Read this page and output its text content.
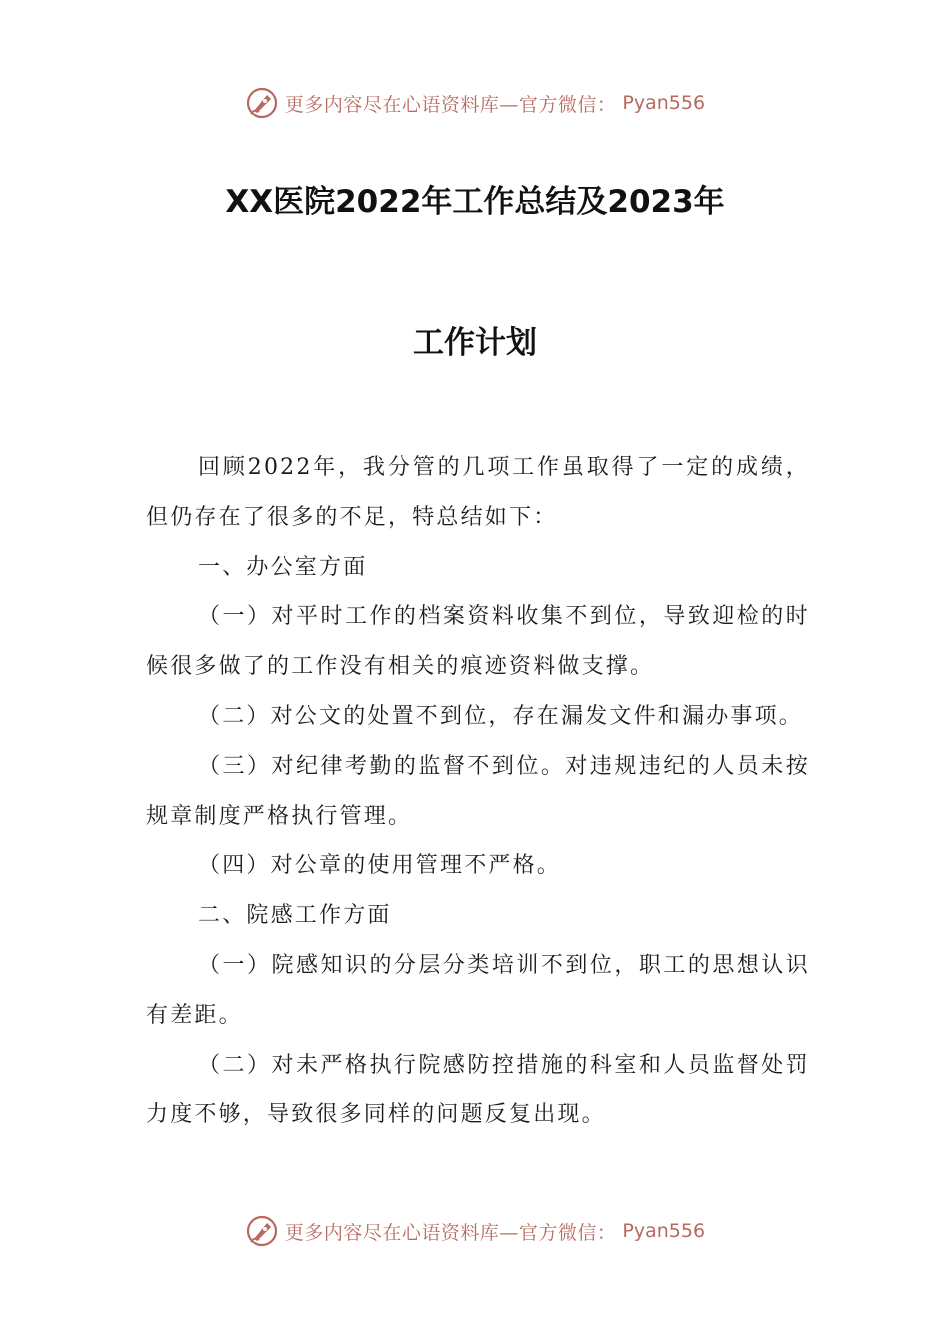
更多内容尽在心语资料库—官方微信： Pyan556
XX医院2022年工作总结及2023年
工作计划

回顾2022年，我分管的几项工作虽取得了一定的成绩，但仍存在了很多的不足，特总结如下：

一、办公室方面

（一）对平时工作的档案资料收集不到位，导致迎检的时候很多做了的工作没有相关的痕迹资料做支撑。

（二）对公文的处置不到位，存在漏发文件和漏办事项。

（三）对纪律考勤的监督不到位。对违规违纪的人员未按规章制度严格执行管理。

（四）对公章的使用管理不严格。

二、院感工作方面

（一）院感知识的分层分类培训不到位，职工的思想认识有差距。

（二）对未严格执行院感防控措施的科室和人员监督处罚力度不够，导致很多同样的问题反复出现。

更多内容尽在心语资料库—官方微信： Pyan556
